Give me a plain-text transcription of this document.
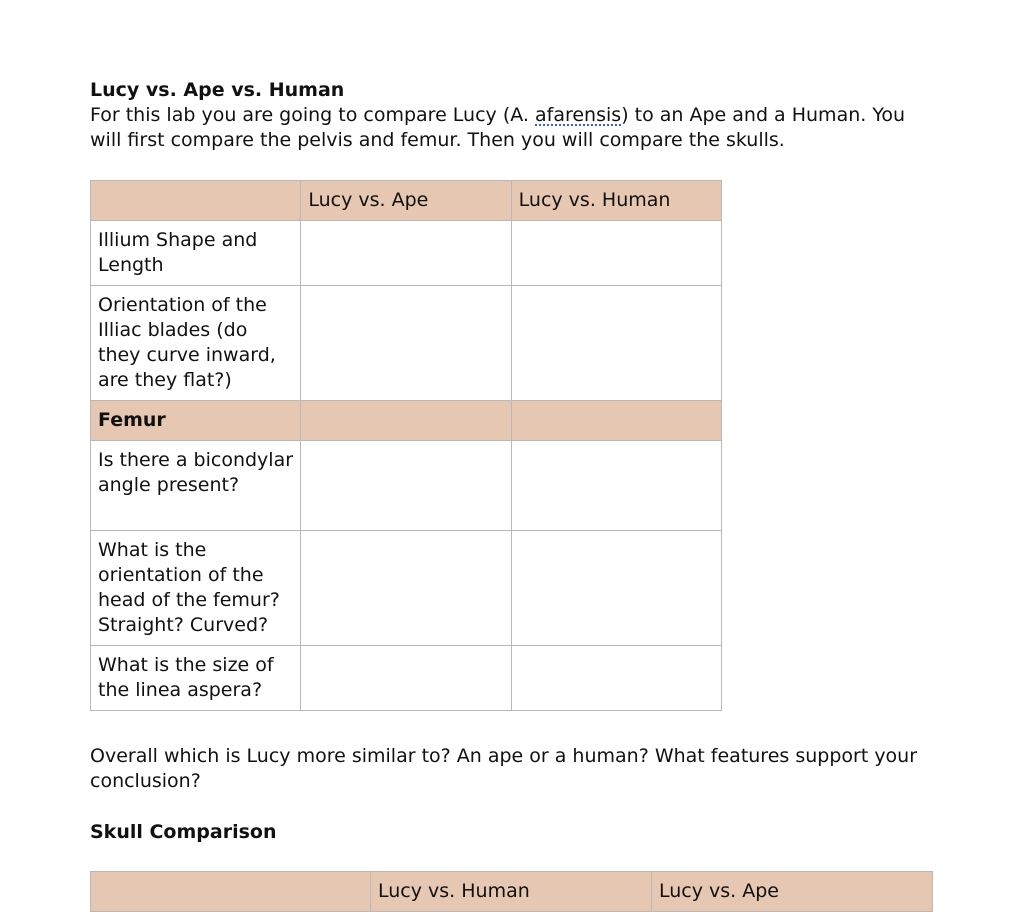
Lucy vs. Ape vs. Human

For this lab you are going to compare Lucy (A. afarensis) to an Ape and a Human. You will first compare the pelvis and femur. Then you will compare the skulls.

	Lucy vs. Ape	Lucy vs. Human
Illium Shape and Length		
Orientation of the Illiac blades (do they curve inward, are they flat?)		
Femur		
Is there a bicondylar angle present?		
What is the orientation of the head of the femur? Straight? Curved?		
What is the size of the linea aspera?		

Overall which is Lucy more similar to? An ape or a human? What features support your conclusion?

Skull Comparison

	Lucy vs. Human	Lucy vs. Ape
